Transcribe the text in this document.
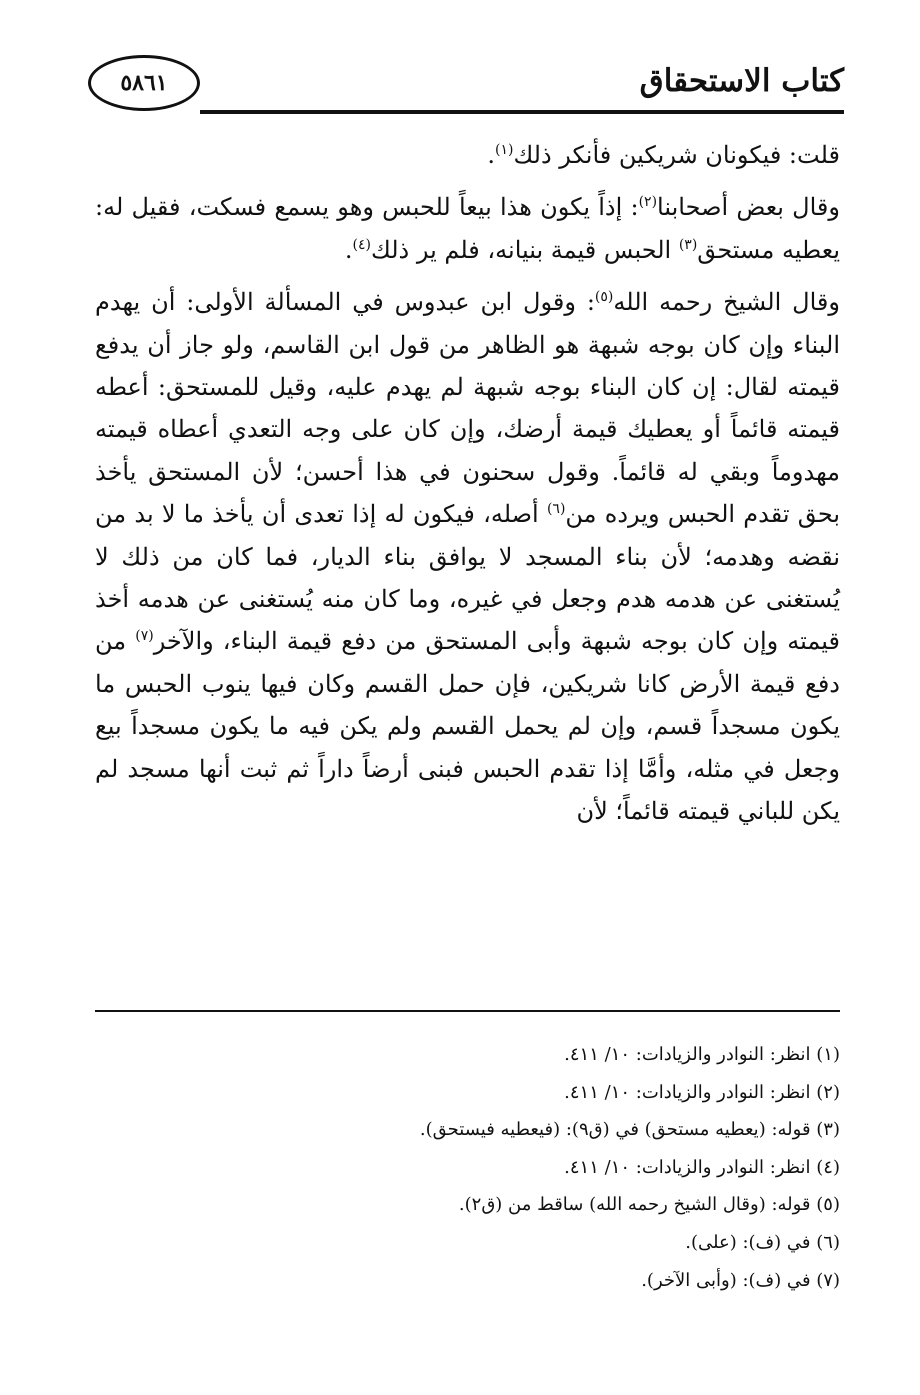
٥٨٦١	كتاب الاستحقاق

قلت: فيكونان شريكين فأنكر ذلك$^{(١)}$.

وقال بعض أصحابنا$^{(٢)}$: إذاً يكون هذا بيعاً للحبس وهو يسمع فسكت، فقيل له: يعطيه مستحق$^{(٣)}$ الحبس قيمة بنيانه، فلم ير ذلك$^{(٤)}$.

وقال الشيخ رحمه الله$^{(٥)}$: وقول ابن عبدوس في المسألة الأولى: أن يهدم البناء وإن كان بوجه شبهة هو الظاهر من قول ابن القاسم، ولو جاز أن يدفع قيمته لقال: إن كان البناء بوجه شبهة لم يهدم عليه، وقيل للمستحق: أعطه قيمته قائماً أو يعطيك قيمة أرضك، وإن كان على وجه التعدي أعطاه قيمته مهدوماً وبقي له قائماً. وقول سحنون في هذا أحسن؛ لأن المستحق يأخذ بحق تقدم الحبس ويرده من$^{(٦)}$ أصله، فيكون له إذا تعدى أن يأخذ ما لا بد من نقضه وهدمه؛ لأن بناء المسجد لا يوافق بناء الديار، فما كان من ذلك لا يُستغنى عن هدمه هدم وجعل في غيره، وما كان منه يُستغنى عن هدمه أخذ قيمته وإن كان بوجه شبهة وأبى المستحق من دفع قيمة البناء، والآخر$^{(٧)}$ من دفع قيمة الأرض كانا شريكين، فإن حمل القسم وكان فيها ينوب الحبس ما يكون مسجداً قسم، وإن لم يحمل القسم ولم يكن فيه ما يكون مسجداً بيع وجعل في مثله، وأمَّا إذا تقدم الحبس فبنى أرضاً داراً ثم ثبت أنها مسجد لم يكن للباني قيمته قائماً؛ لأن

(١) انظر: النوادر والزيادات: ١٠/ ٤١١.
(٢) انظر: النوادر والزيادات: ١٠/ ٤١١.
(٣) قوله: (يعطيه مستحق) في (ق٩): (فيعطيه فيستحق).
(٤) انظر: النوادر والزيادات: ١٠/ ٤١١.
(٥) قوله: (وقال الشيخ رحمه الله) ساقط من (ق٢).
(٦) في (ف): (على).
(٧) في (ف): (وأبى الآخر).
